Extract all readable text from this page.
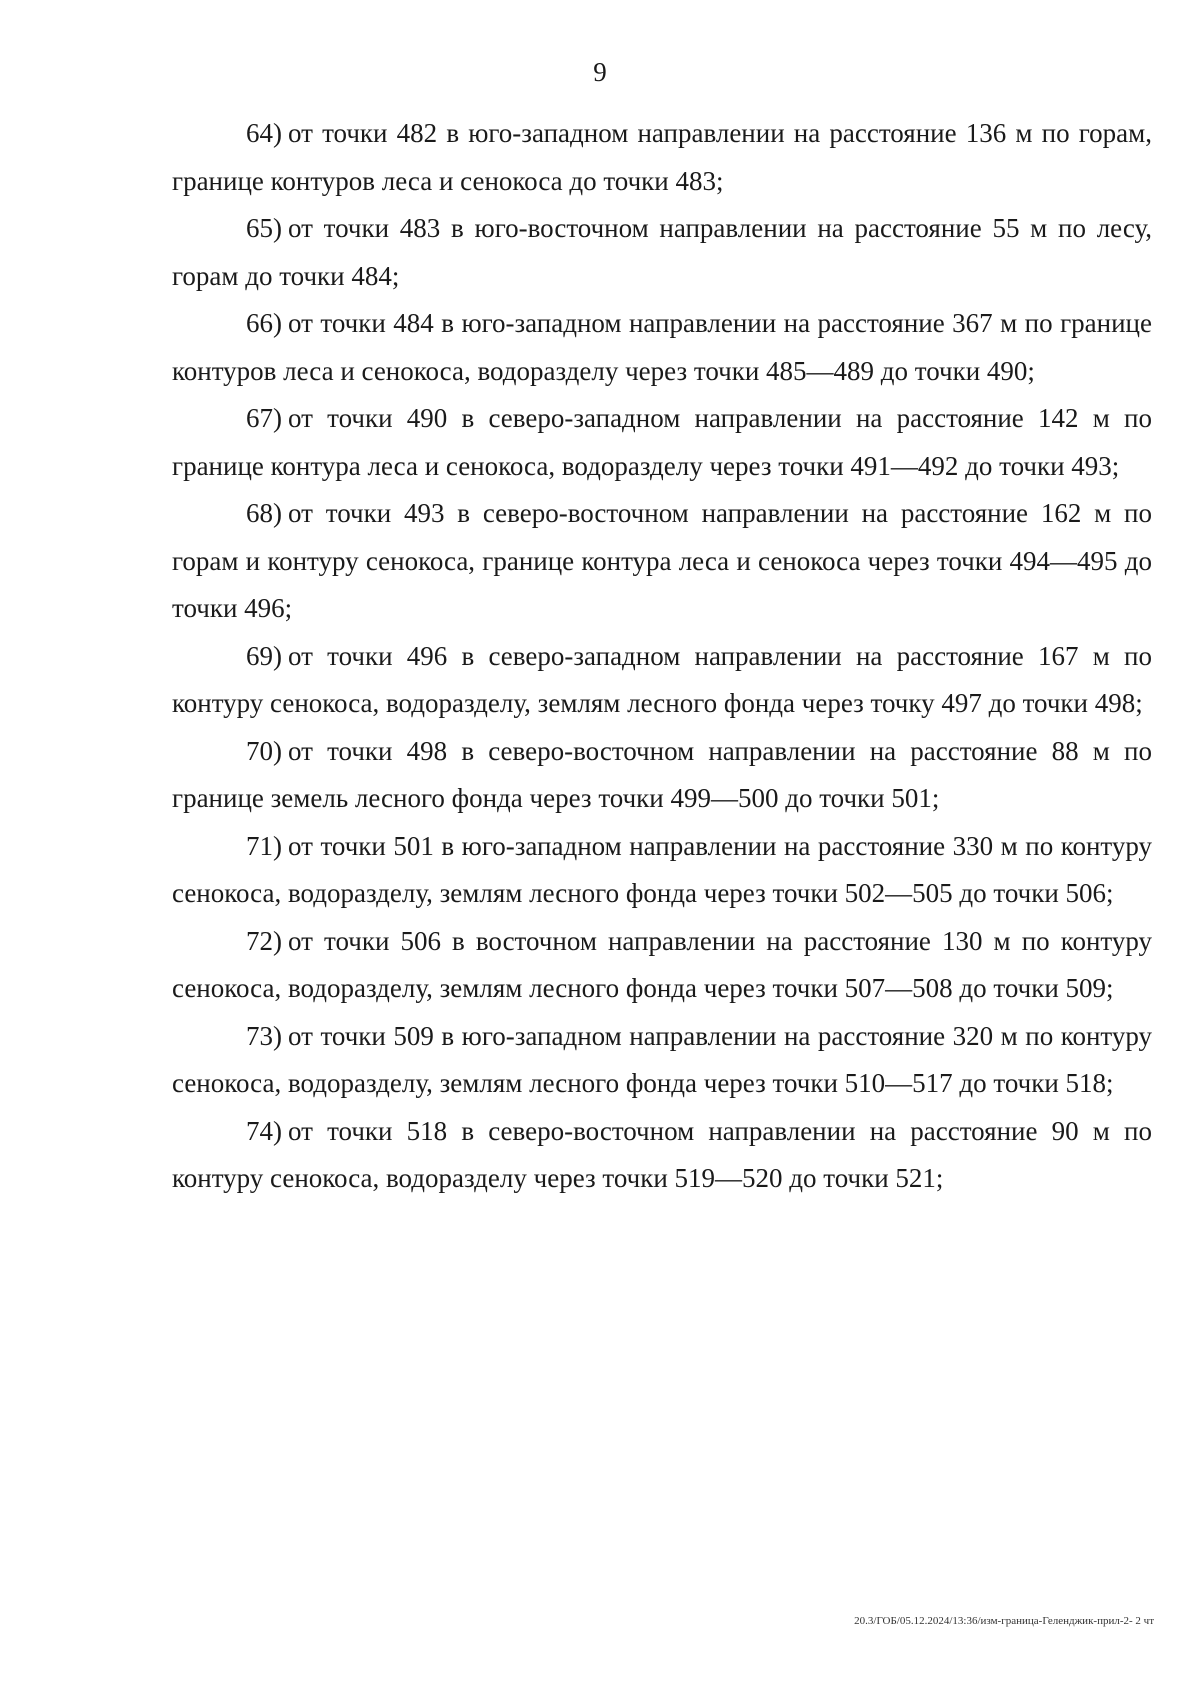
9

64) от точки 482 в юго-западном направлении на расстояние 136 м по горам, границе контуров леса и сенокоса до точки 483;

65) от точки 483 в юго-восточном направлении на расстояние 55 м по лесу, горам до точки 484;

66) от точки 484 в юго-западном направлении на расстояние 367 м по границе контуров леса и сенокоса, водоразделу через точки 485—489 до точки 490;

67) от точки 490 в северо-западном направлении на расстояние 142 м по границе контура леса и сенокоса, водоразделу через точки 491—492 до точки 493;

68) от точки 493 в северо-восточном направлении на расстояние 162 м по горам и контуру сенокоса, границе контура леса и сенокоса через точки 494—495 до точки 496;

69) от точки 496 в северо-западном направлении на расстояние 167 м по контуру сенокоса, водоразделу, землям лесного фонда через точку 497 до точки 498;

70) от точки 498 в северо-восточном направлении на расстояние 88 м по границе земель лесного фонда через точки 499—500 до точки 501;

71) от точки 501 в юго-западном направлении на расстояние 330 м по контуру сенокоса, водоразделу, землям лесного фонда через точки 502—505 до точки 506;

72) от точки 506 в восточном направлении на расстояние 130 м по контуру сенокоса, водоразделу, землям лесного фонда через точки 507—508 до точки 509;

73) от точки 509 в юго-западном направлении на расстояние 320 м по контуру сенокоса, водоразделу, землям лесного фонда через точки 510—517 до точки 518;

74) от точки 518 в северо-восточном направлении на расстояние 90 м по контуру сенокоса, водоразделу через точки 519—520 до точки 521;

20.3/ГОБ/05.12.2024/13:36/изм-граница-Геленджик-прил-2- 2 чт
